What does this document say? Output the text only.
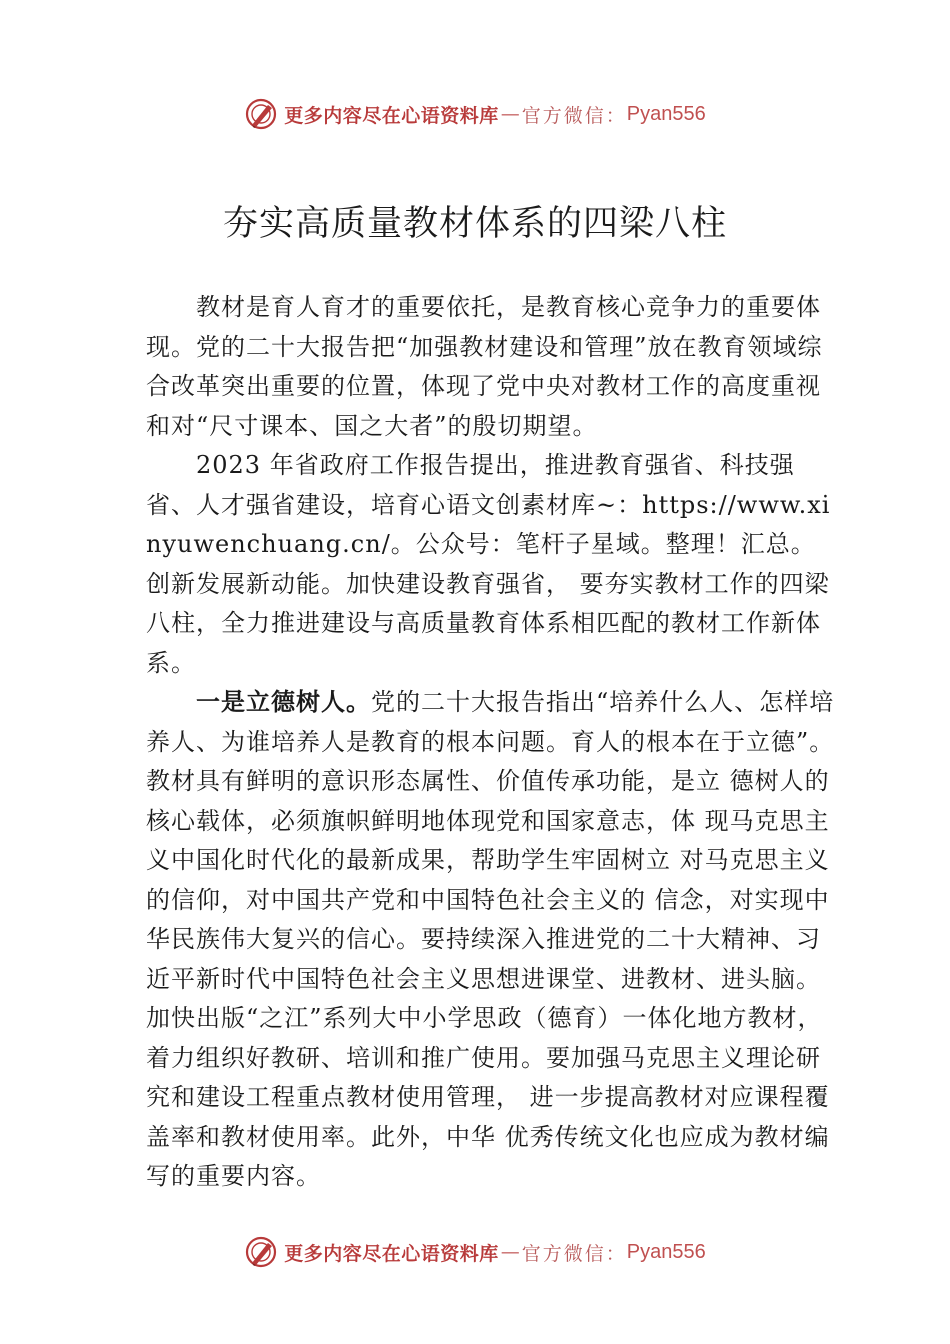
更多内容尽在心语资料库 — 官方微信： Pyan556
夯实高质量教材体系的四梁八柱

教材是育人育才的重要依托，是教育核心竞争力的重要体现。党的二十大报告把“加强教材建设和管理”放在教育领域综合改革突出重要的位置，体现了党中央对教材工作的高度重视和对“尺寸课本、国之大者”的殷切期望。

2023 年省政府工作报告提出，推进教育强省、科技强省、人才强省建设，培育心语文创素材库~：https://www.xinyuwenchuang.cn/。公众号：笔杆子星域。整理！汇总。创新发展新动能。加快建设教育强省， 要夯实教材工作的四梁八柱，全力推进建设与高质量教育体系相匹配的教材工作新体系。

一是立德树人。党的二十大报告指出“培养什么人、怎样培养人、为谁培养人是教育的根本问题。育人的根本在于立德”。教材具有鲜明的意识形态属性、价值传承功能，是立 德树人的核心载体，必须旗帜鲜明地体现党和国家意志，体 现马克思主义中国化时代化的最新成果，帮助学生牢固树立 对马克思主义的信仰，对中国共产党和中国特色社会主义的 信念，对实现中华民族伟大复兴的信心。要持续深入推进党的二十大精神、习近平新时代中国特色社会主义思想进课堂、进教材、进头脑。加快出版“之江”系列大中小学思政（德育）一体化地方教材，着力组织好教研、培训和推广使用。要加强马克思主义理论研究和建设工程重点教材使用管理， 进一步提高教材对应课程覆盖率和教材使用率。此外，中华 优秀传统文化也应成为教材编写的重要内容。

更多内容尽在心语资料库 — 官方微信： Pyan556
